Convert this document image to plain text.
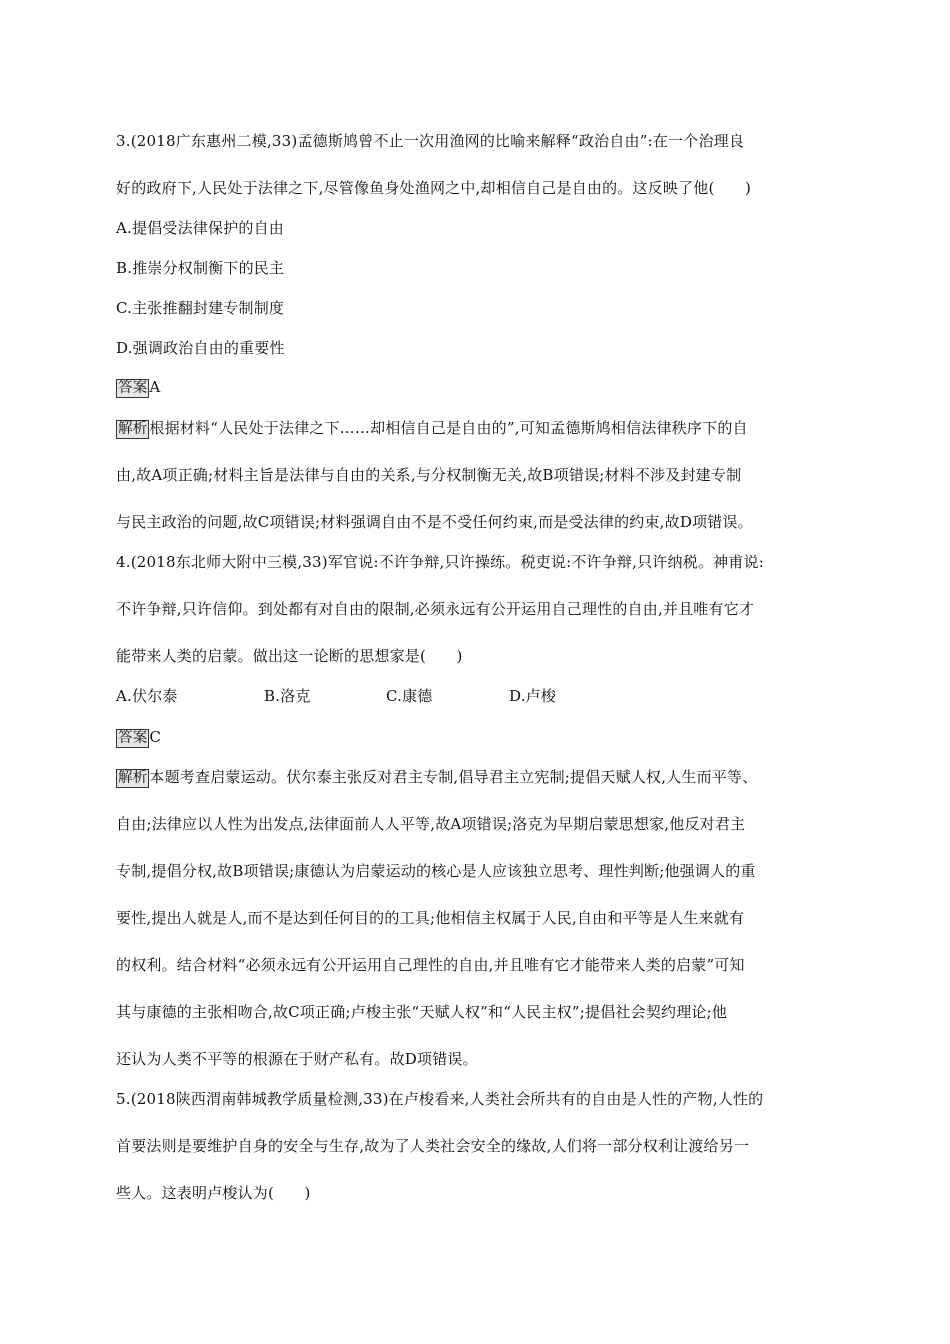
3.(2018广东惠州二模,33)孟德斯鸠曾不止一次用渔网的比喻来解释“政治自由”:在一个治理良
好的政府下,人民处于法律之下,尽管像鱼身处渔网之中,却相信自己是自由的。这反映了他(　　)
A.提倡受法律保护的自由
B.推崇分权制衡下的民主
C.主张推翻封建专制制度
D.强调政治自由的重要性
答案 A
解析 根据材料“人民处于法律之下……却相信自己是自由的”,可知孟德斯鸠相信法律秩序下的自
由,故A项正确;材料主旨是法律与自由的关系,与分权制衡无关,故B项错误;材料不涉及封建专制
与民主政治的问题,故C项错误;材料强调自由不是不受任何约束,而是受法律的约束,故D项错误。
4.(2018东北师大附中三模,33)军官说:不许争辩,只许操练。税吏说:不许争辩,只许纳税。神甫说:
不许争辩,只许信仰。到处都有对自由的限制,必须永远有公开运用自己理性的自由,并且唯有它才
能带来人类的启蒙。做出这一论断的思想家是(　　)
A.伏尔泰	B.洛克	C.康德	D.卢梭
答案 C
解析 本题考查启蒙运动。伏尔泰主张反对君主专制,倡导君主立宪制;提倡天赋人权,人生而平等、
自由;法律应以人性为出发点,法律面前人人平等,故A项错误;洛克为早期启蒙思想家,他反对君主
专制,提倡分权,故B项错误;康德认为启蒙运动的核心是人应该独立思考、理性判断;他强调人的重
要性,提出人就是人,而不是达到任何目的的工具;他相信主权属于人民,自由和平等是人生来就有
的权利。结合材料“必须永远有公开运用自己理性的自由,并且唯有它才能带来人类的启蒙”可知
其与康德的主张相吻合,故C项正确;卢梭主张“天赋人权”和“人民主权”;提倡社会契约理论;他
还认为人类不平等的根源在于财产私有。故D项错误。
5.(2018陕西渭南韩城教学质量检测,33)在卢梭看来,人类社会所共有的自由是人性的产物,人性的
首要法则是要维护自身的安全与生存,故为了人类社会安全的缘故,人们将一部分权利让渡给另一
些人。这表明卢梭认为(　　)
